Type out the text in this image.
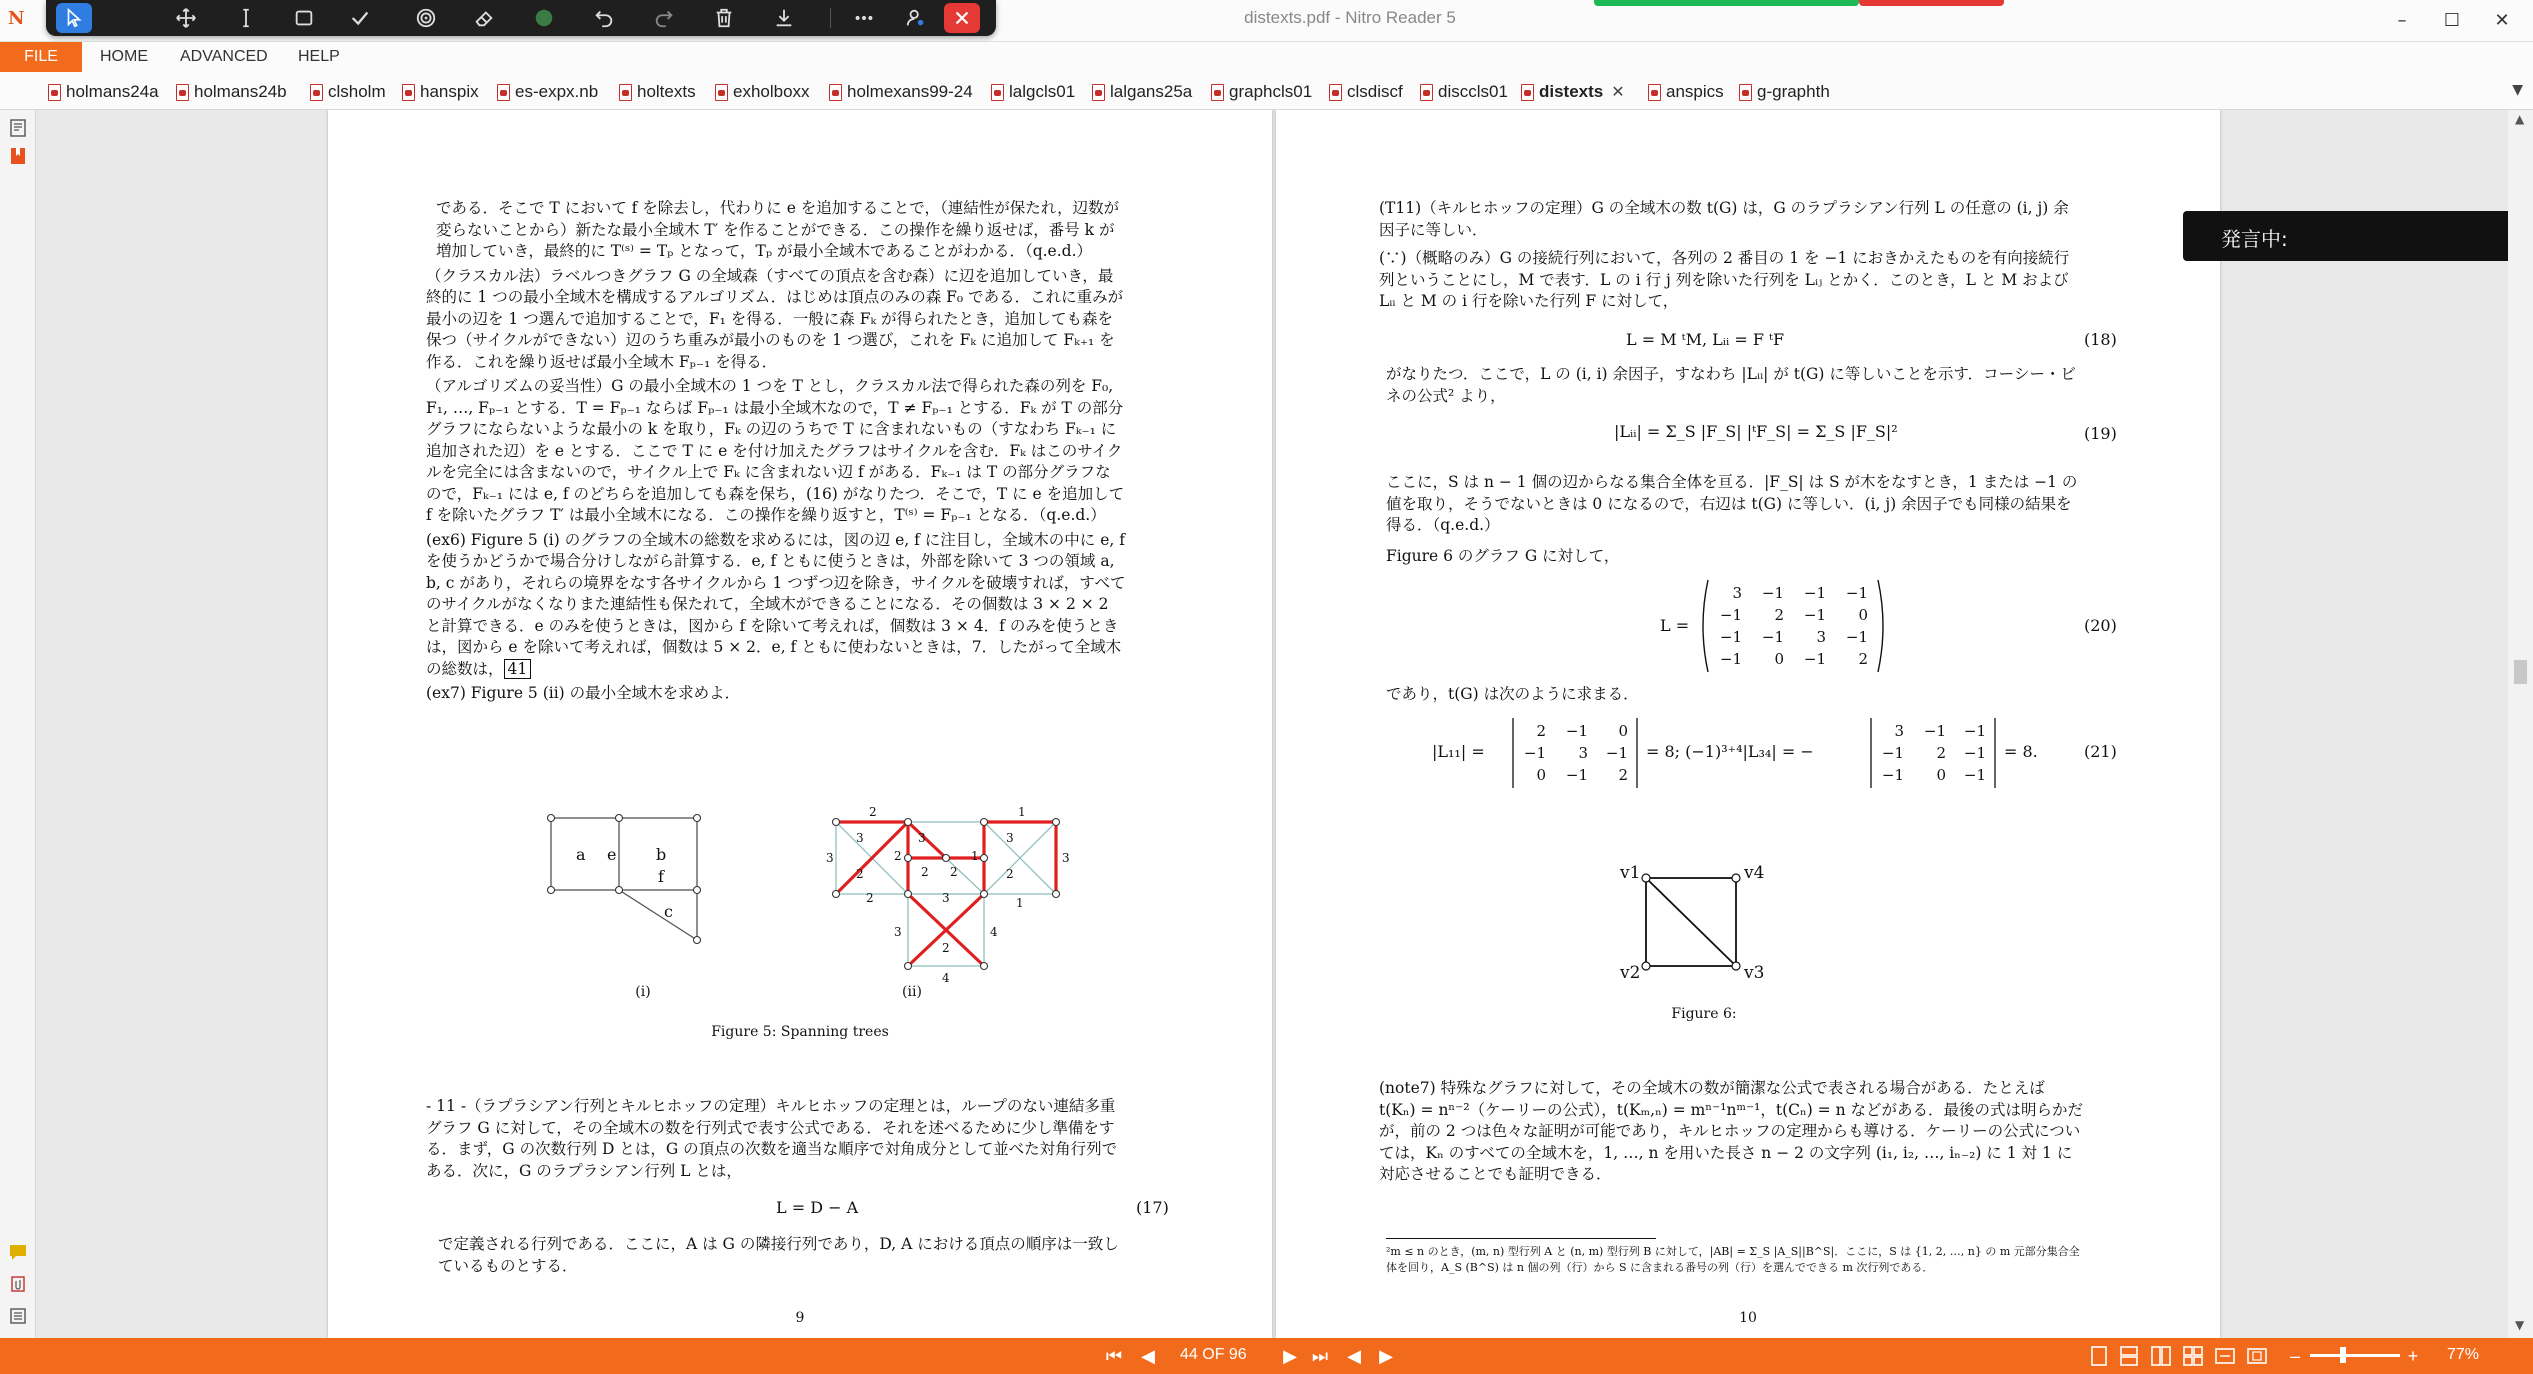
N	distexts.pdf - Nitro Reader 5	–	☐	✕
FILE	HOME ADVANCED HELP
holmans24a holmans24b clsholm hanspix es-expx.nb holtexts exholboxx holmexans99-24 lalgcls01 lalgans25a graphcls01 clsdiscf disccls01 distexts ✕ anspics g-graphth	▼

である．そこで T において f を除去し，代わりに e を追加することで，（連結性が保たれ，辺数が変らないことから）新たな最小全域木 T′ を作ることができる．この操作を繰り返せば，番号 k が増加していき，最終的に T⁽ˢ⁾ = Tₚ となって，Tₚ が最小全域木であることがわかる．（q.e.d.）

（クラスカル法）ラベルつきグラフ G の全域森（すべての頂点を含む森）に辺を追加していき，最終的に 1 つの最小全域木を構成するアルゴリズム．はじめは頂点のみの森 F₀ である．これに重みが最小の辺を 1 つ選んで追加することで，F₁ を得る．一般に森 Fₖ が得られたとき，追加しても森を保つ（サイクルができない）辺のうち重みが最小のものを 1 つ選び，これを Fₖ に追加して Fₖ₊₁ を作る．これを繰り返せば最小全域木 Fₚ₋₁ を得る．

（アルゴリズムの妥当性）G の最小全域木の 1 つを T とし，クラスカル法で得られた森の列を F₀, F₁, …, Fₚ₋₁ とする．T = Fₚ₋₁ ならば Fₚ₋₁ は最小全域木なので，T ≠ Fₚ₋₁ とする．Fₖ が T の部分グラフにならないような最小の k を取り，Fₖ の辺のうちで T に含まれないもの（すなわち Fₖ₋₁ に追加された辺）を e とする．ここで T に e を付け加えたグラフはサイクルを含む．Fₖ はこのサイクルを完全には含まないので，サイクル上で Fₖ に含まれない辺 f がある．Fₖ₋₁ は T の部分グラフなので，Fₖ₋₁ には e, f のどちらを追加しても森を保ち，(16) がなりたつ．そこで，T に e を追加して f を除いたグラフ T′ は最小全域木になる．この操作を繰り返すと，T⁽ˢ⁾ = Fₚ₋₁ となる．（q.e.d.）

(ex6) Figure 5 (i) のグラフの全域木の総数を求めるには，図の辺 e, f に注目し，全域木の中に e, f を使うかどうかで場合分けしながら計算する．e, f ともに使うときは，外部を除いて 3 つの領域 a, b, c があり，それらの境界をなす各サイクルから 1 つずつ辺を除き，サイクルを破壊すれば，すべてのサイクルがなくなりまた連結性も保たれて，全域木ができることになる．その個数は 3 × 2 × 2 と計算できる．e のみを使うときは，図から f を除いて考えれば，個数は 3 × 4．f のみを使うときは，図から e を除いて考えれば，個数は 5 × 2．e, f ともに使わないときは，7．したがって全域木の総数は， 41

(ex7) Figure 5 (ii) の最小全域木を求めよ．

a e b
f
c
(i)
2	1
3
3
2
3
2
1
3
3
2
2 2
3
2	1
3	4
2
4
(ii)
Figure 5: Spanning trees
- 11 -（ラプラシアン行列とキルヒホッフの定理）キルヒホッフの定理とは，ループのない連結多重グラフ G に対して，その全域木の数を行列式で表す公式である．それを述べるために少し準備をする．まず，G の次数行列 D とは，G の頂点の次数を適当な順序で対角成分として並べた対角行列である．次に，G のラプラシアン行列 L とは，
L = D − A	(17)
で定義される行列である．ここに，A は G の隣接行列であり，D, A における頂点の順序は一致しているものとする．
9
(T11)（キルヒホッフの定理）G の全域木の数 t(G) は，G のラプラシアン行列 L の任意の (i, j) 余因子に等しい．
(∵)（概略のみ）G の接続行列において，各列の 2 番目の 1 を −1 におきかえたものを有向接続行列ということにし，M で表す．L の i 行 j 列を除いた行列を Lᵢⱼ とかく．このとき，L と M および Lᵢᵢ と M の i 行を除いた行列 F に対して，
L = M ᵗM, Lᵢᵢ = F ᵗF	(18)
がなりたつ．ここで，L の (i, i) 余因子，すなわち |Lᵢᵢ| が t(G) に等しいことを示す．コーシー・ビネの公式² より，
|Lᵢᵢ| = Σ_S |F_S| |ᵗF_S| = Σ_S |F_S|²	(19)
ここに，S は n − 1 個の辺からなる集合全体を亘る．|F_S| は S が木をなすとき，1 または −1 の値を取り，そうでないときは 0 になるので，右辺は t(G) に等しい．(i, j) 余因子でも同様の結果を得る．（q.e.d.）
Figure 6 のグラフ G に対して，
L =
3 −1 −1 −1
−1 2 −1 0
−1 −1 3 −1
−1 0 −1 2
(20)
であり，t(G) は次のように求まる．
|L₁₁| =
2 −1 0
−1 3 −1
0 −1 2
= 8; (−1)³⁺⁴|L₃₄| = −
3 −1 −1
−1 2 −1
−1 0 −1
= 8.	(21)
v1	v4
v2	v3
Figure 6:
(note7) 特殊なグラフに対して，その全域木の数が簡潔な公式で表される場合がある．たとえば t(Kₙ) = nⁿ⁻²（ケーリーの公式），t(Kₘ,ₙ) = mⁿ⁻¹nᵐ⁻¹，t(Cₙ) = n などがある．最後の式は明らかだが，前の 2 つは色々な証明が可能であり，キルヒホッフの定理からも導ける．ケーリーの公式については，Kₙ のすべての全域木を，1, …, n を用いた長さ n − 2 の文字列 (i₁, i₂, …, iₙ₋₂) に 1 対 1 に対応させることでも証明できる．
²m ≤ n のとき，(m, n) 型行列 A と (n, m) 型行列 B に対して，|AB| = Σ_S |A_S||B^S|．ここに，S は {1, 2, …, n} の m 元部分集合全体を回り，A_S (B^S) は n 個の列（行）から S に含まれる番号の列（行）を選んでできる m 次行列である．
10
発言中:
▲
▼
⏮	◀	44 OF 96	▶ ⏭	◀	▶	–	+ 77%
